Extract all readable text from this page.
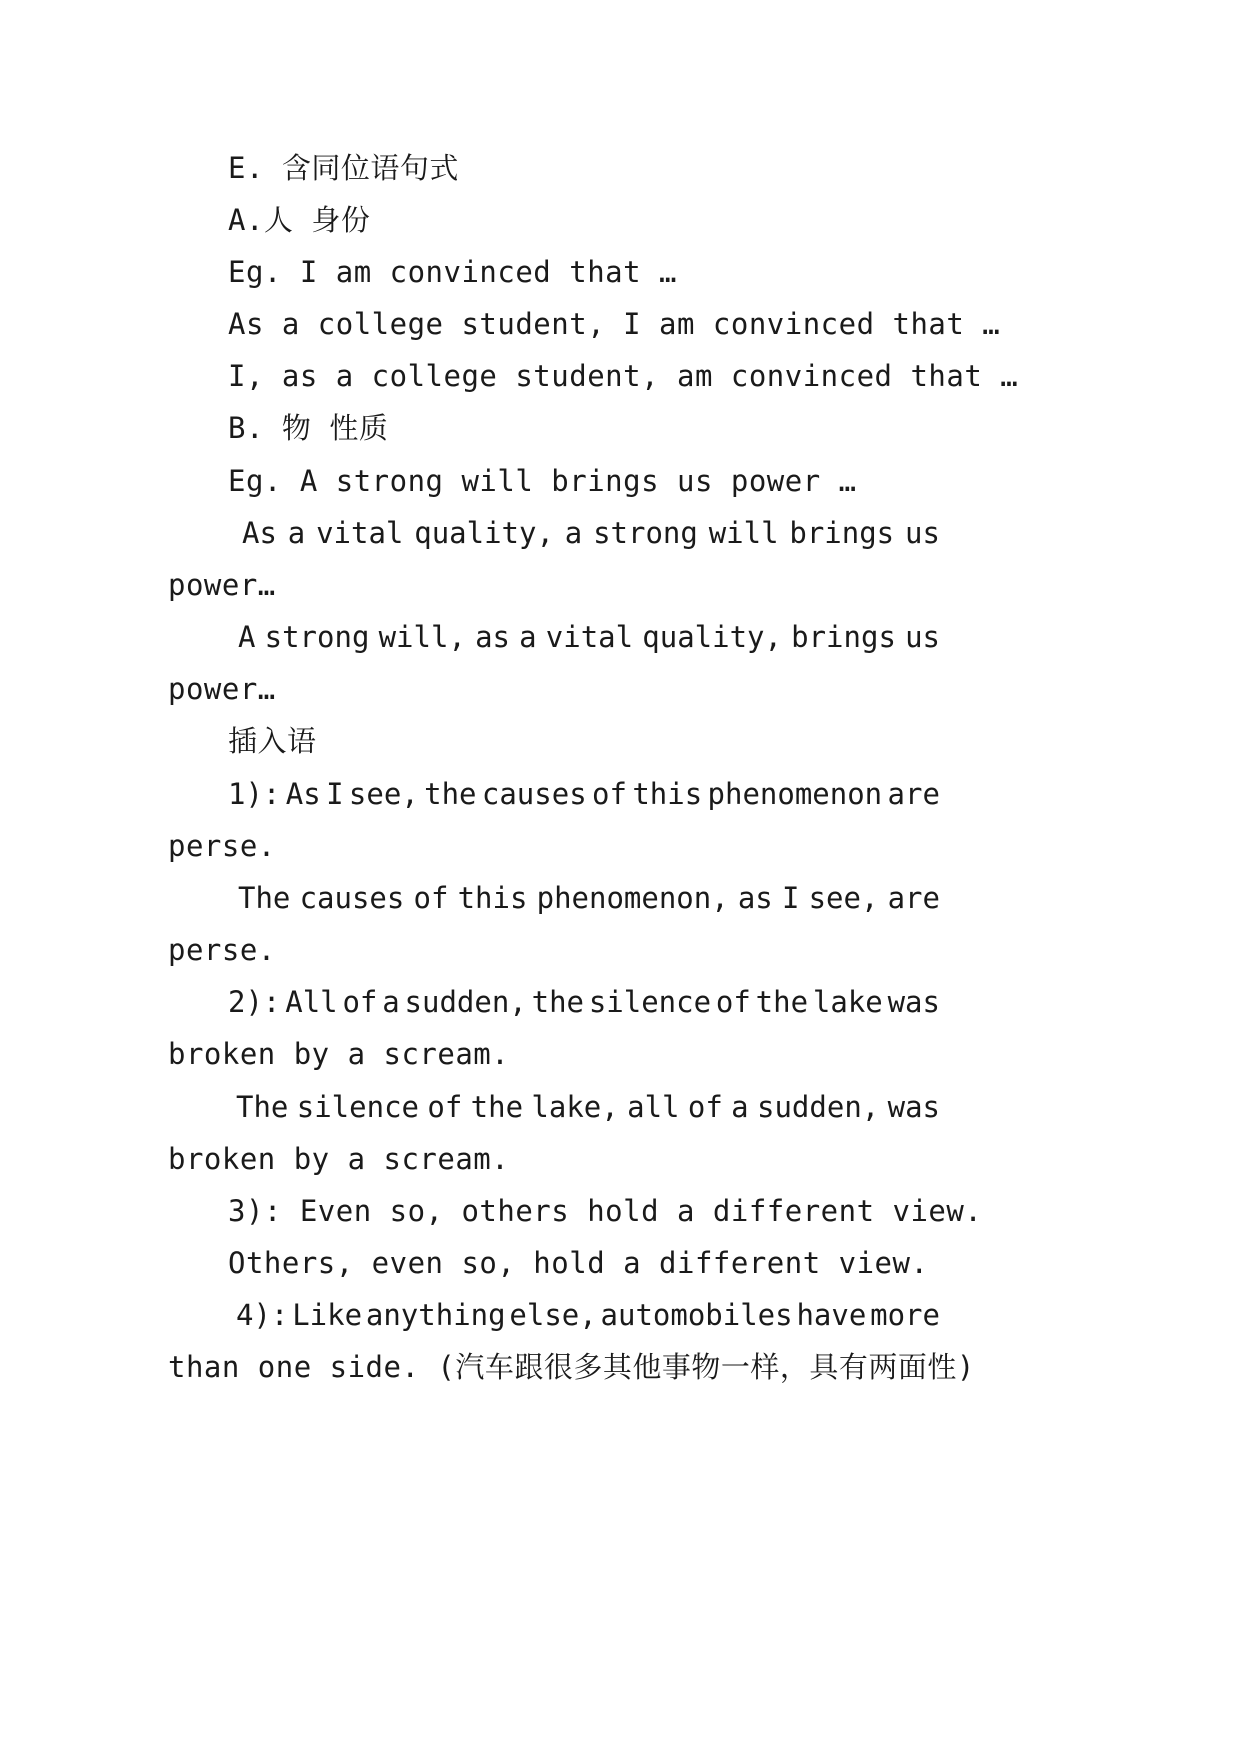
E. 含同位语句式
A.人 身份
Eg. I am convinced that …
As a college student, I am convinced that …
I, as a college student, am convinced that …
B. 物 性质
Eg. A strong will brings us power …
As a vital quality, a strong will brings us
power…
A strong will, as a vital quality, brings us
power…
插入语
1): As I see, the causes of this phenomenon are
perse.
The causes of this phenomenon, as I see, are
perse.
2): All of a sudden, the silence of the lake was
broken by a scream.
The silence of the lake, all of a sudden, was
broken by a scream.
3): Even so, others hold a different view.
Others, even so, hold a different view.
4): Like anything else, automobiles have more
than one side. (汽车跟很多其他事物一样，具有两面性)
